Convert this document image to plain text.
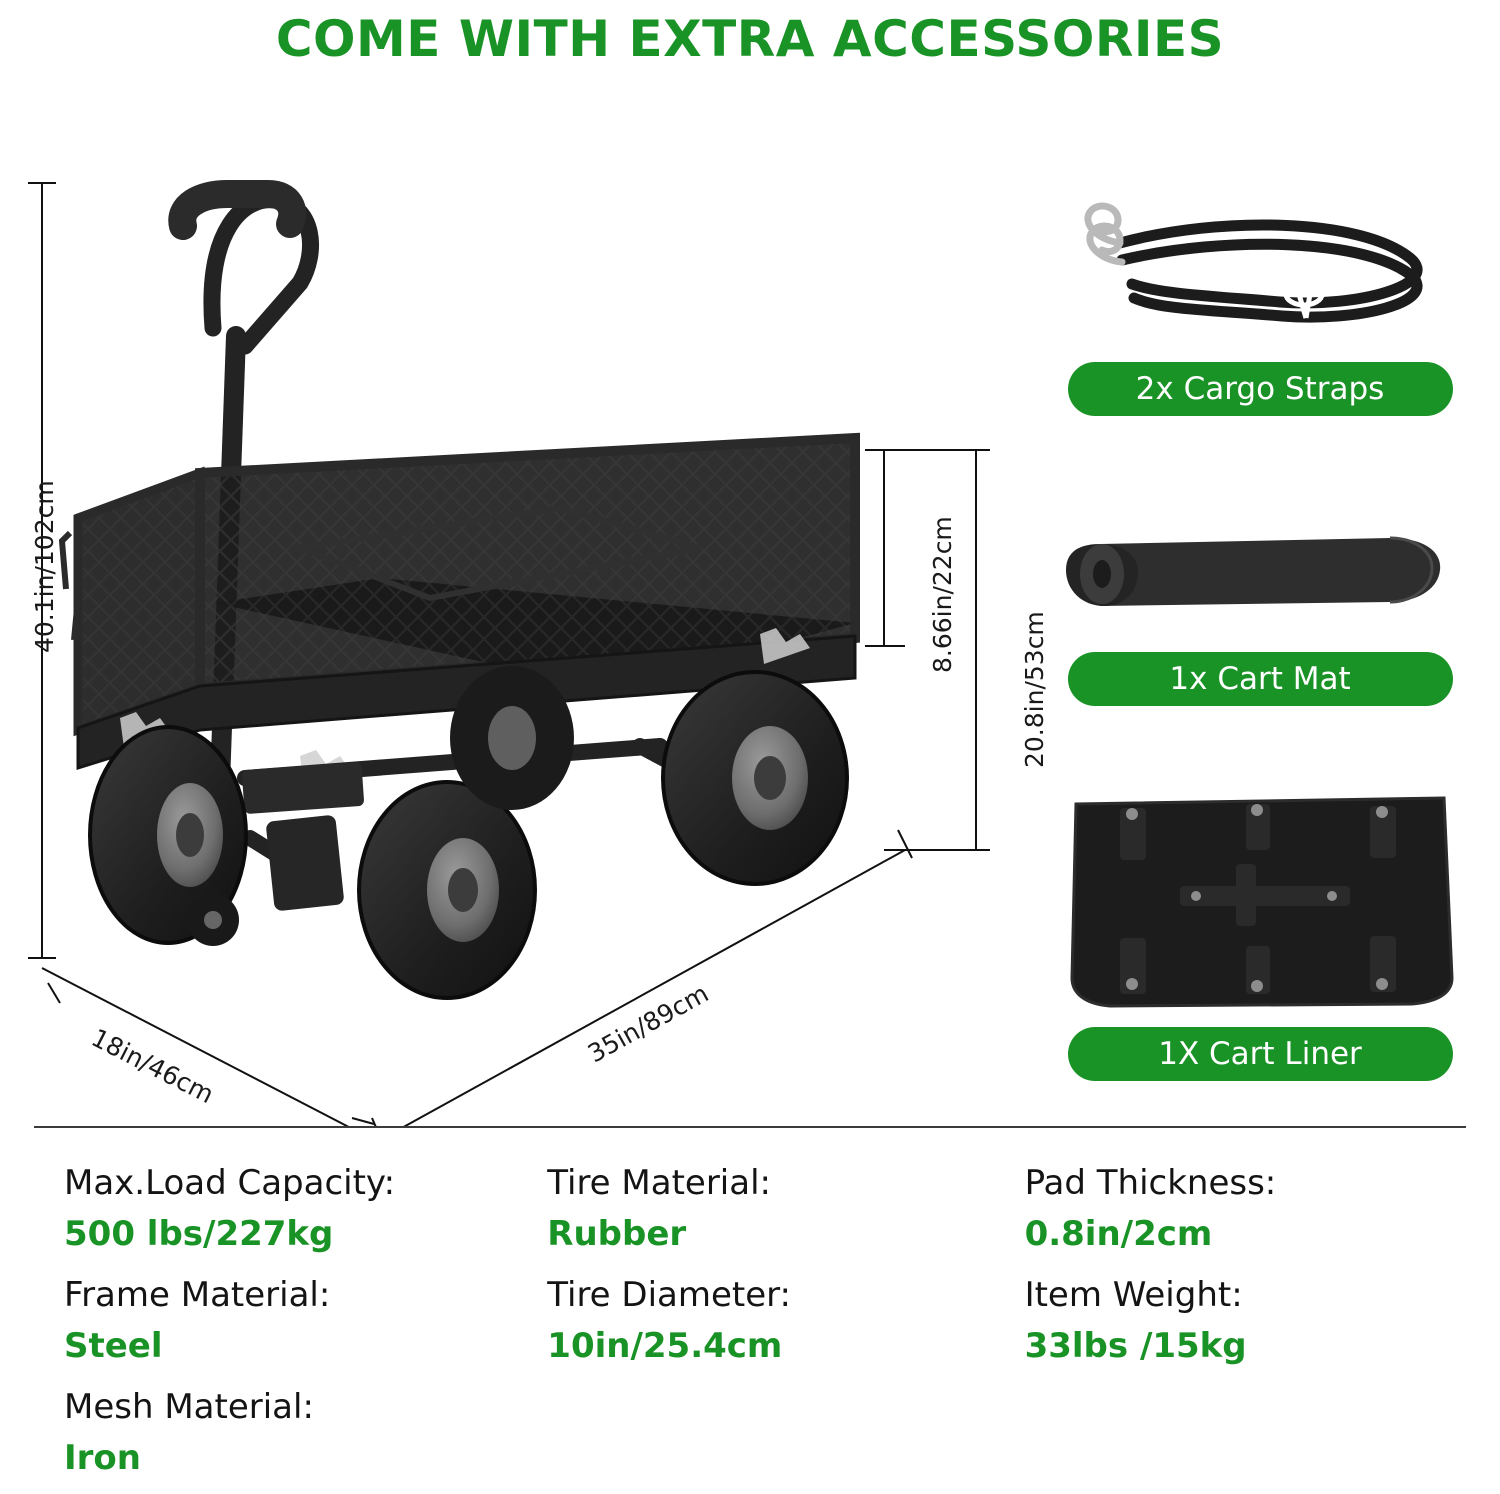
COME WITH EXTRA ACCESSORIES
40.1in/102cm	8.66in/22cm
20.8in/53cm
18in/46cm	35in/89cm
2x Cargo Straps
1x Cart Mat
1X Cart Liner
Max.Load Capacity:
500 lbs/227kg
Frame Material:
Steel
Mesh Material:
Iron
Tire Material:
Rubber
Tire Diameter:
10in/25.4cm
Pad Thickness:
0.8in/2cm
Item Weight:
33lbs /15kg
